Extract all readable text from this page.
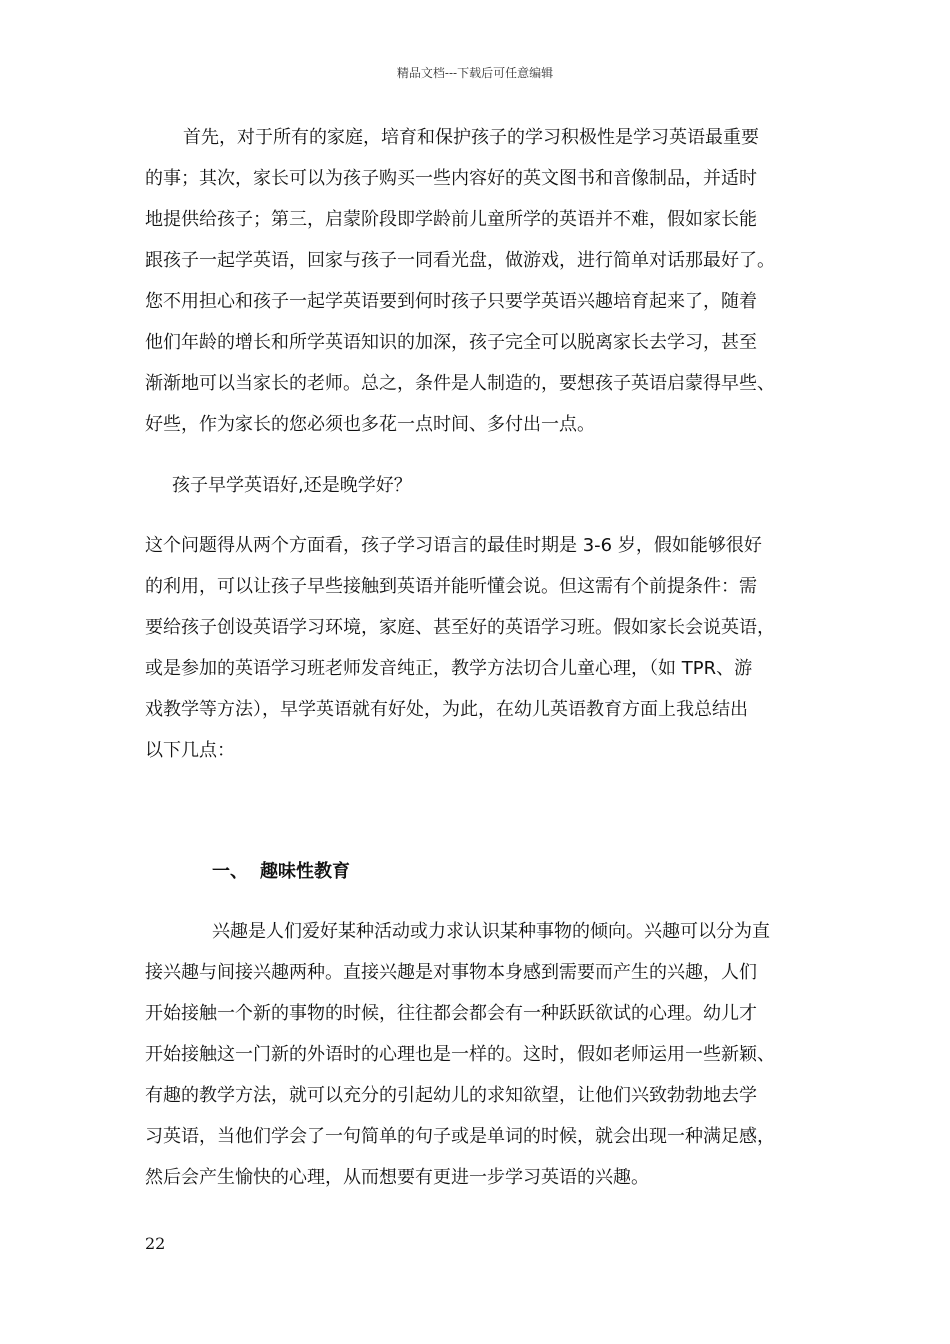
精品文档---下载后可任意编辑
首先，对于所有的家庭，培育和保护孩子的学习积极性是学习英语最重要
的事；其次，家长可以为孩子购买一些内容好的英文图书和音像制品，并适时
地提供给孩子；第三，启蒙阶段即学龄前儿童所学的英语并不难，假如家长能
跟孩子一起学英语，回家与孩子一同看光盘，做游戏，进行简单对话那最好了。
您不用担心和孩子一起学英语要到何时孩子只要学英语兴趣培育起来了，随着
他们年龄的增长和所学英语知识的加深，孩子完全可以脱离家长去学习，甚至
渐渐地可以当家长的老师。总之，条件是人制造的，要想孩子英语启蒙得早些、
好些，作为家长的您必须也多花一点时间、多付出一点。
孩子早学英语好,还是晚学好？
这个问题得从两个方面看，孩子学习语言的最佳时期是 3-6 岁，假如能够很好
的利用，可以让孩子早些接触到英语并能听懂会说。但这需有个前提条件：需
要给孩子创设英语学习环境，家庭、甚至好的英语学习班。假如家长会说英语，
或是参加的英语学习班老师发音纯正，教学方法切合儿童心理，（如 TPR、游
戏教学等方法），早学英语就有好处，为此，在幼儿英语教育方面上我总结出
以下几点：
一、 趣味性教育
兴趣是人们爱好某种活动或力求认识某种事物的倾向。兴趣可以分为直
接兴趣与间接兴趣两种。直接兴趣是对事物本身感到需要而产生的兴趣，人们
开始接触一个新的事物的时候，往往都会都会有一种跃跃欲试的心理。幼儿才
开始接触这一门新的外语时的心理也是一样的。这时，假如老师运用一些新颖、
有趣的教学方法，就可以充分的引起幼儿的求知欲望，让他们兴致勃勃地去学
习英语，当他们学会了一句简单的句子或是单词的时候，就会出现一种满足感，
然后会产生愉快的心理，从而想要有更进一步学习英语的兴趣。
22
